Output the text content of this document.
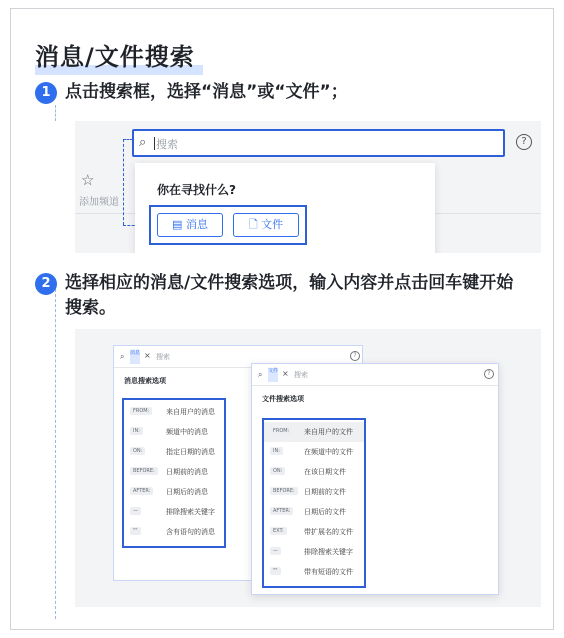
消息/文件搜索
1 点击搜索框，选择“消息”或“文件”；
⌕ 搜索	?
☆
添加频道
你在寻找什么?
▤ 消息	🗋 文件
2 选择相应的消息/文件搜索选项，输入内容并点击回车键开始
搜索。
⌕ 消息 × 搜索	?
消息搜索选项
FROM:	来自用户的消息
IN:	频道中的消息
ON:	指定日期的消息
BEFORE:	日期前的消息
AFTER:	日期后的消息
—	排除搜索关键字
""	含有语句的消息
⌕ 文件 × 搜索	?
文件搜索选项
FROM:	来自用户的文件
IN:	在频道中的文件
ON:	在该日期文件
BEFORE:	日期前的文件
AFTER:	日期后的文件
EXT:	带扩展名的文件
—	排除搜索关键字
""	带有短语的文件
